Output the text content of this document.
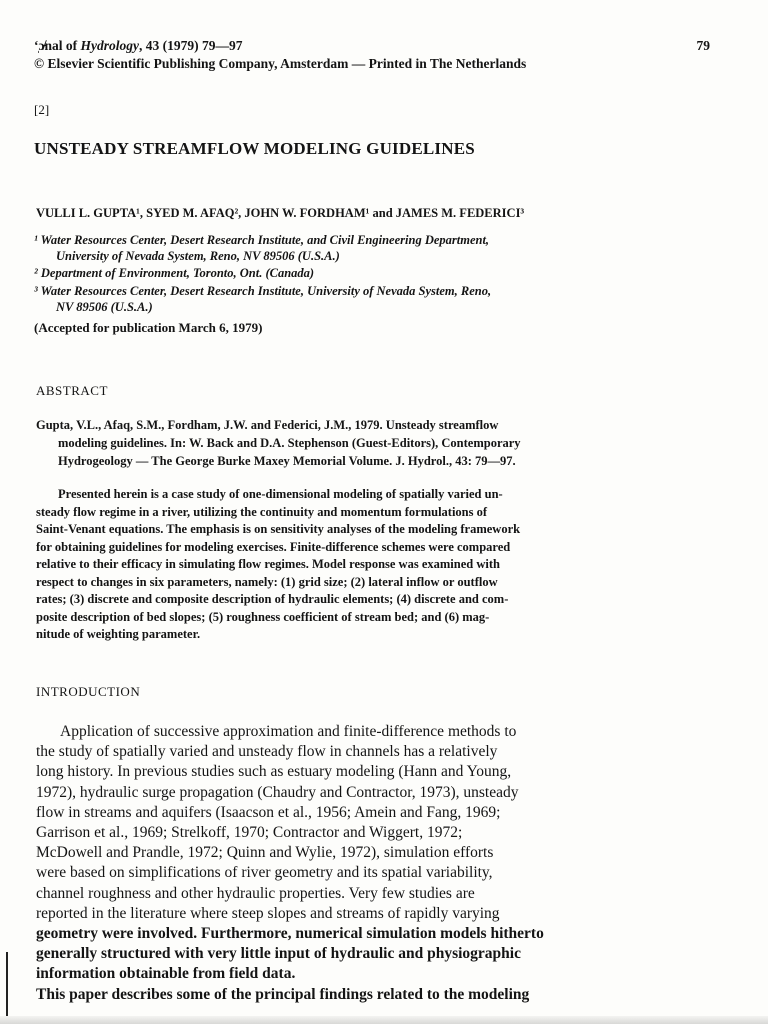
‘̩ɔ̸̵nal of Hydrology, 43 (1979) 79—97	79
© Elsevier Scientific Publishing Company, Amsterdam — Printed in The Netherlands
[2]
UNSTEADY STREAMFLOW MODELING GUIDELINES
VULLI L. GUPTA¹, SYED M. AFAQ², JOHN W. FORDHAM¹ and JAMES M. FEDERICI³
¹ Water Resources Center, Desert Research Institute, and Civil Engineering Department,
University of Nevada System, Reno, NV 89506 (U.S.A.)
² Department of Environment, Toronto, Ont. (Canada)
³ Water Resources Center, Desert Research Institute, University of Nevada System, Reno,
NV 89506 (U.S.A.)
(Accepted for publication March 6, 1979)
ABSTRACT
Gupta, V.L., Afaq, S.M., Fordham, J.W. and Federici, J.M., 1979. Unsteady streamflow
modeling guidelines. In: W. Back and D.A. Stephenson (Guest-Editors), Contemporary
Hydrogeology — The George Burke Maxey Memorial Volume. J. Hydrol., 43: 79—97.
Presented herein is a case study of one-dimensional modeling of spatially varied un-
steady flow regime in a river, utilizing the continuity and momentum formulations of
Saint-Venant equations. The emphasis is on sensitivity analyses of the modeling framework
for obtaining guidelines for modeling exercises. Finite-difference schemes were compared
relative to their efficacy in simulating flow regimes. Model response was examined with
respect to changes in six parameters, namely: (1) grid size; (2) lateral inflow or outflow
rates; (3) discrete and composite description of hydraulic elements; (4) discrete and com-
posite description of bed slopes; (5) roughness coefficient of stream bed; and (6) mag-
nitude of weighting parameter.
INTRODUCTION
Application of successive approximation and finite-difference methods to
the study of spatially varied and unsteady flow in channels has a relatively
long history. In previous studies such as estuary modeling (Hann and Young,
1972), hydraulic surge propagation (Chaudry and Contractor, 1973), unsteady
flow in streams and aquifers (Isaacson et al., 1956; Amein and Fang, 1969;
Garrison et al., 1969; Strelkoff, 1970; Contractor and Wiggert, 1972;
McDowell and Prandle, 1972; Quinn and Wylie, 1972), simulation efforts
were based on simplifications of river geometry and its spatial variability,
channel roughness and other hydraulic properties. Very few studies are
reported in the literature where steep slopes and streams of rapidly varying
geometry were involved. Furthermore, numerical simulation models hitherto
generally structured with very little input of hydraulic and physiographic
information obtainable from field data.
This paper describes some of the principal findings related to the modeling
